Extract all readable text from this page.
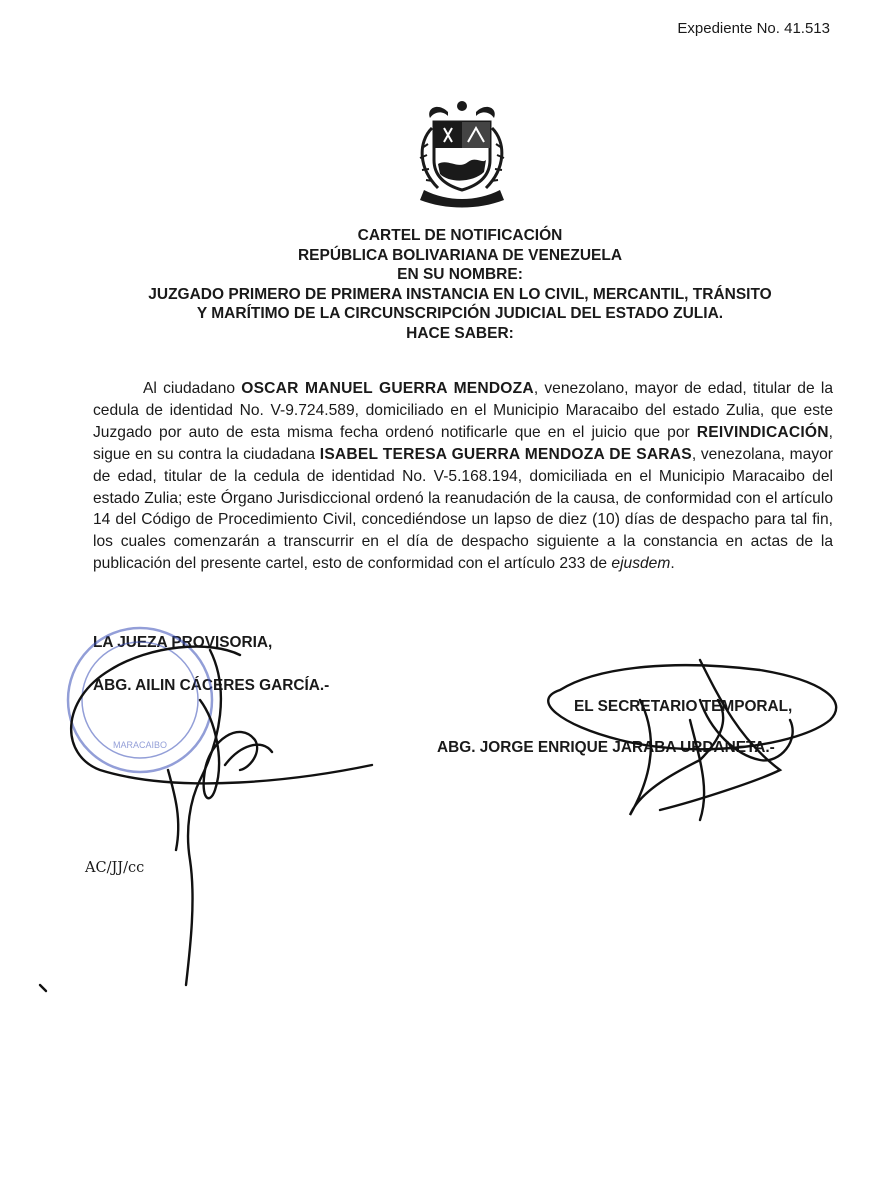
Expediente No. 41.513
CARTEL DE NOTIFICACIÓN
REPÚBLICA BOLIVARIANA DE VENEZUELA
EN SU NOMBRE:
JUZGADO PRIMERO DE PRIMERA INSTANCIA EN LO CIVIL, MERCANTIL, TRÁNSITO
Y MARÍTIMO DE LA CIRCUNSCRIPCIÓN JUDICIAL DEL ESTADO ZULIA.
HACE SABER:
Al ciudadano OSCAR MANUEL GUERRA MENDOZA, venezolano, mayor de edad, titular de la cedula de identidad No. V-9.724.589, domiciliado en el Municipio Maracaibo del estado Zulia, que este Juzgado por auto de esta misma fecha ordenó notificarle que en el juicio que por REIVINDICACIÓN, sigue en su contra la ciudadana ISABEL TERESA GUERRA MENDOZA DE SARAS, venezolana, mayor de edad, titular de la cedula de identidad No. V-5.168.194, domiciliada en el Municipio Maracaibo del estado Zulia; este Órgano Jurisdiccional ordenó la reanudación de la causa, de conformidad con el artículo 14 del Código de Procedimiento Civil, concediéndose un lapso de diez (10) días de despacho para tal fin, los cuales comenzarán a transcurrir en el día de despacho siguiente a la constancia en actas de la publicación del presente cartel, esto de conformidad con el artículo 233 de ejusdem.
LA JUEZA PROVISORIA,
ABG. AILIN CÁCERES GARCÍA.-
EL SECRETARIO TEMPORAL,
ABG. JORGE ENRIQUE JARABA URDANETA.-
AC/JJ/cc
MARACAIBO
